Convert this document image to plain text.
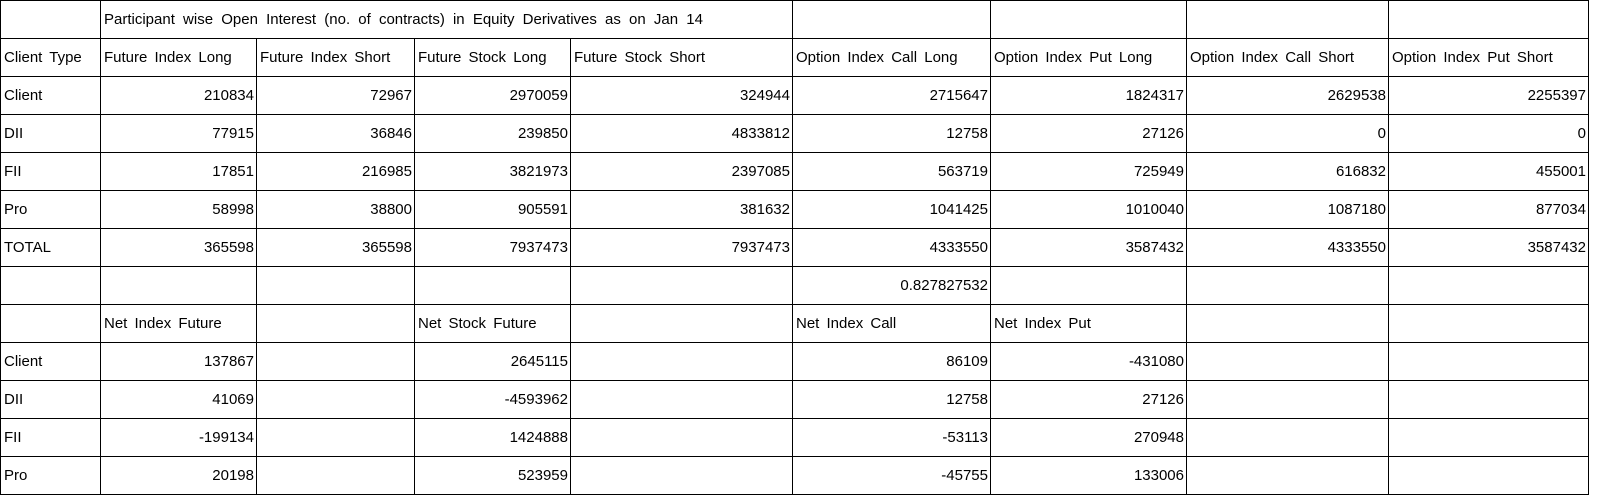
	Participant wise Open Interest (no. of contracts) in Equity Derivatives as on Jan 14							
Client Type	Future Index Long	Future Index Short	Future Stock Long	Future Stock Short	Option Index Call Long	Option Index Put Long	Option Index Call Short	Option Index Put Short
Client	210834	72967	2970059	324944	2715647	1824317	2629538	2255397
DII	77915	36846	239850	4833812	12758	27126	0	0
FII	17851	216985	3821973	2397085	563719	725949	616832	455001
Pro	58998	38800	905591	381632	1041425	1010040	1087180	877034
TOTAL	365598	365598	7937473	7937473	4333550	3587432	4333550	3587432
					0.827827532			
	Net Index Future		Net Stock Future		Net Index Call	Net Index Put		
Client	137867		2645115		86109	-431080		
DII	41069		-4593962		12758	27126		
FII	-199134		1424888		-53113	270948		
Pro	20198		523959		-45755	133006		
